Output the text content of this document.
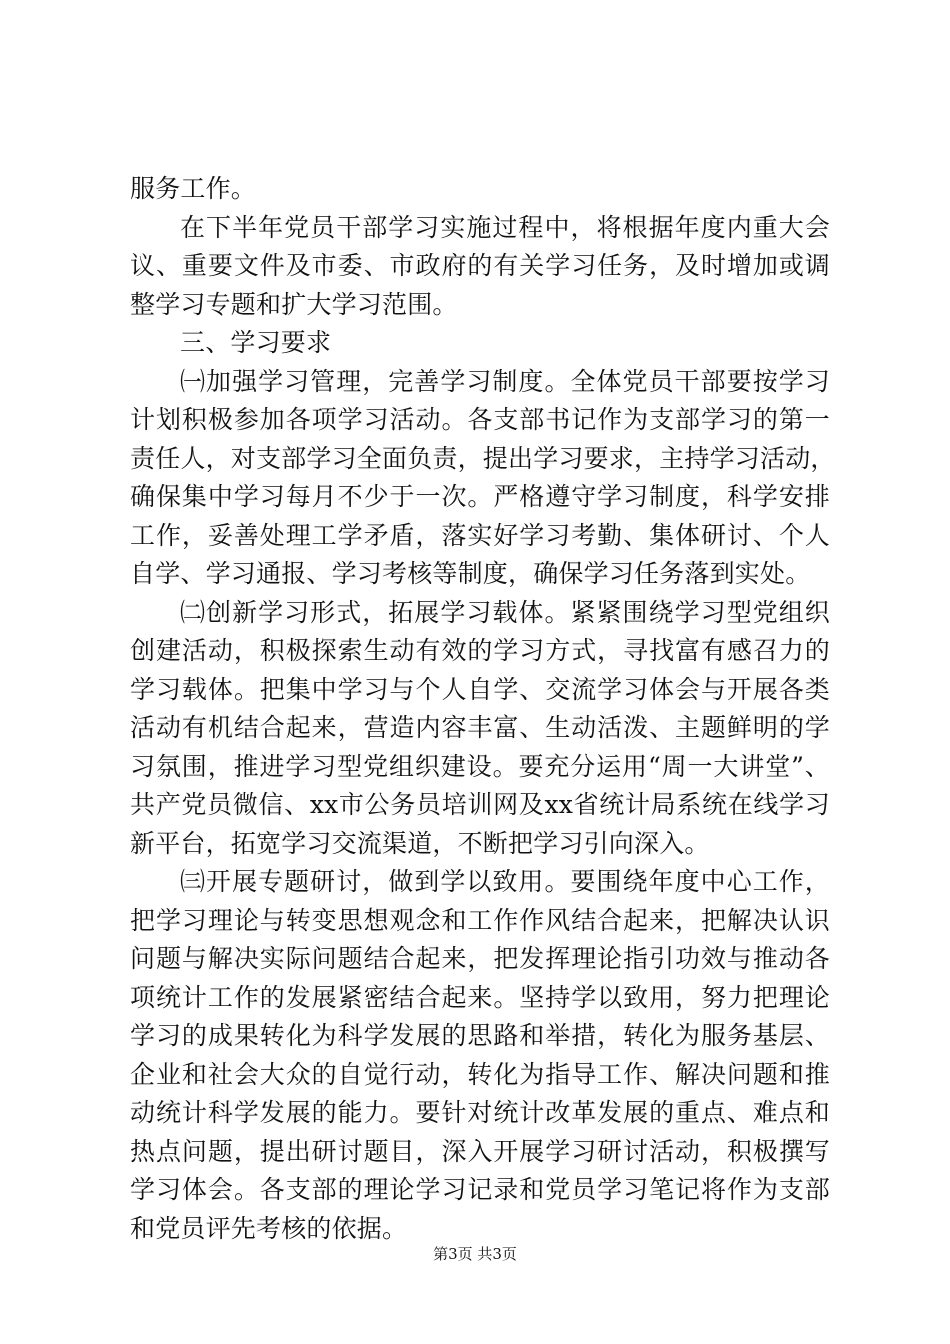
服务工作。
在下半年党员干部学习实施过程中，将根据年度内重大会
议、重要文件及市委、市政府的有关学习任务，及时增加或调
整学习专题和扩大学习范围。
三、学习要求
㈠加强学习管理，完善学习制度。全体党员干部要按学习
计划积极参加各项学习活动。各支部书记作为支部学习的第一
责任人，对支部学习全面负责，提出学习要求，主持学习活动，
确保集中学习每月不少于一次。严格遵守学习制度，科学安排
工作，妥善处理工学矛盾，落实好学习考勤、集体研讨、个人
自学、学习通报、学习考核等制度，确保学习任务落到实处。
㈡创新学习形式，拓展学习载体。紧紧围绕学习型党组织
创建活动，积极探索生动有效的学习方式，寻找富有感召力的
学习载体。把集中学习与个人自学、交流学习体会与开展各类
活动有机结合起来，营造内容丰富、生动活泼、主题鲜明的学
习氛围，推进学习型党组织建设。要充分运用“周一大讲堂”、
共产党员微信、xx市公务员培训网及xx省统计局系统在线学习
新平台，拓宽学习交流渠道，不断把学习引向深入。
㈢开展专题研讨，做到学以致用。要围绕年度中心工作，
把学习理论与转变思想观念和工作作风结合起来，把解决认识
问题与解决实际问题结合起来，把发挥理论指引功效与推动各
项统计工作的发展紧密结合起来。坚持学以致用，努力把理论
学习的成果转化为科学发展的思路和举措，转化为服务基层、
企业和社会大众的自觉行动，转化为指导工作、解决问题和推
动统计科学发展的能力。要针对统计改革发展的重点、难点和
热点问题，提出研讨题目，深入开展学习研讨活动，积极撰写
学习体会。各支部的理论学习记录和党员学习笔记将作为支部
和党员评先考核的依据。
第3页 共3页
